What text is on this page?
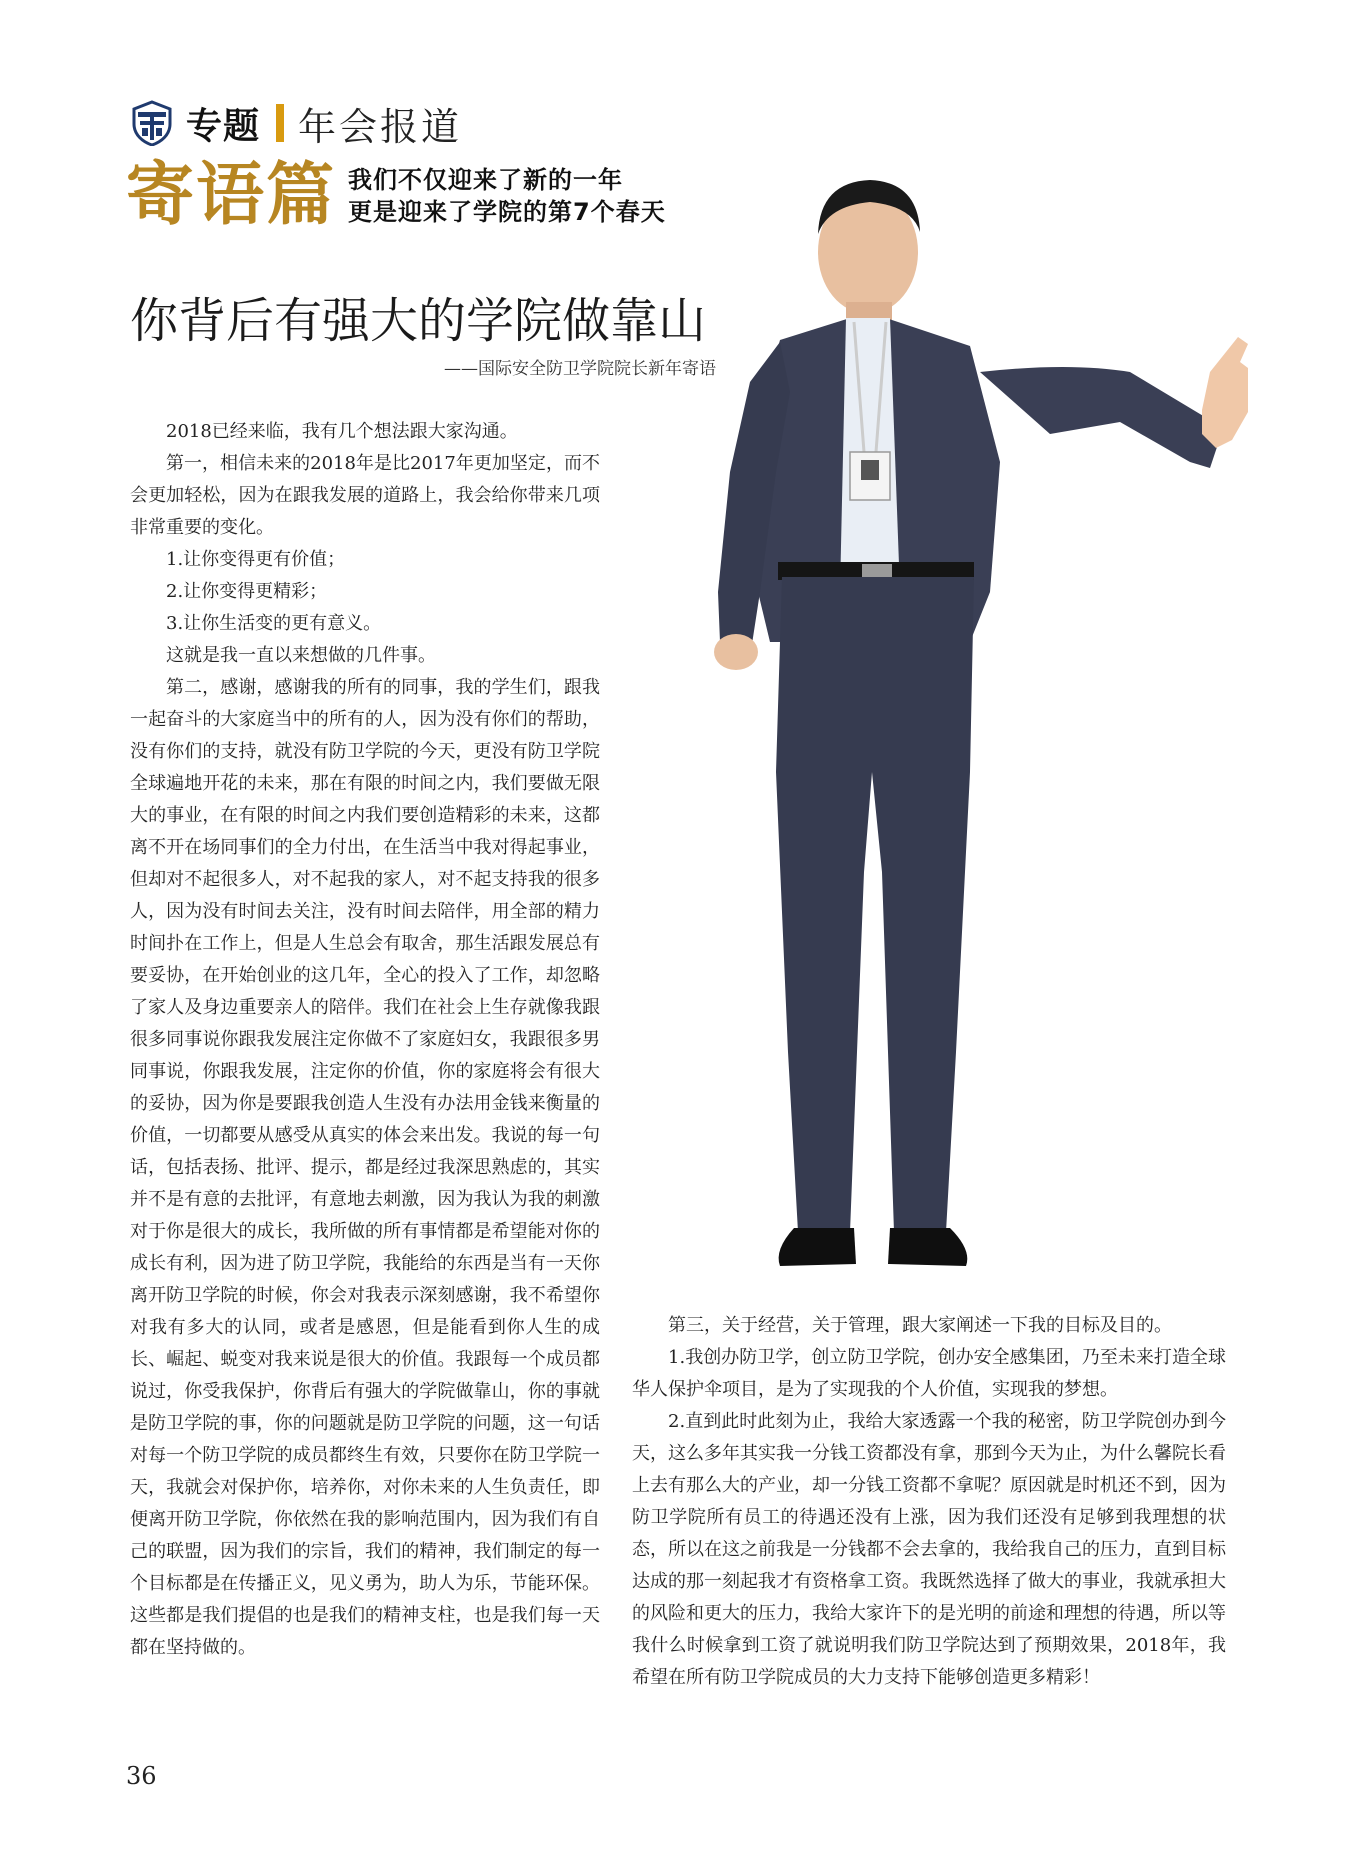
专题 年会报道
寄语篇 我们不仅迎来了新的一年
更是迎来了学院的第7个春天
你背后有强大的学院做靠山
——国际安全防卫学院院长新年寄语

2018已经来临，我有几个想法跟大家沟通。

第一，相信未来的2018年是比2017年更加坚定，而不会更加轻松，因为在跟我发展的道路上，我会给你带来几项非常重要的变化。

1.让你变得更有价值；

2.让你变得更精彩；

3.让你生活变的更有意义。

这就是我一直以来想做的几件事。

第二，感谢，感谢我的所有的同事，我的学生们，跟我一起奋斗的大家庭当中的所有的人，因为没有你们的帮助，没有你们的支持，就没有防卫学院的今天，更没有防卫学院全球遍地开花的未来，那在有限的时间之内，我们要做无限大的事业，在有限的时间之内我们要创造精彩的未来，这都离不开在场同事们的全力付出，在生活当中我对得起事业，但却对不起很多人，对不起我的家人，对不起支持我的很多人，因为没有时间去关注，没有时间去陪伴，用全部的精力时间扑在工作上，但是人生总会有取舍，那生活跟发展总有要妥协，在开始创业的这几年，全心的投入了工作，却忽略了家人及身边重要亲人的陪伴。我们在社会上生存就像我跟很多同事说你跟我发展注定你做不了家庭妇女，我跟很多男同事说，你跟我发展，注定你的价值，你的家庭将会有很大的妥协，因为你是要跟我创造人生没有办法用金钱来衡量的价值，一切都要从感受从真实的体会来出发。我说的每一句话，包括表扬、批评、提示，都是经过我深思熟虑的，其实并不是有意的去批评，有意地去刺激，因为我认为我的刺激对于你是很大的成长，我所做的所有事情都是希望能对你的成长有利，因为进了防卫学院，我能给的东西是当有一天你离开防卫学院的时候，你会对我表示深刻感谢，我不希望你对我有多大的认同，或者是感恩，但是能看到你人生的成长、崛起、蜕变对我来说是很大的价值。我跟每一个成员都说过，你受我保护，你背后有强大的学院做靠山，你的事就是防卫学院的事，你的问题就是防卫学院的问题，这一句话对每一个防卫学院的成员都终生有效，只要你在防卫学院一天，我就会对保护你，培养你，对你未来的人生负责任，即便离开防卫学院，你依然在我的影响范围内，因为我们有自己的联盟，因为我们的宗旨，我们的精神，我们制定的每一个目标都是在传播正义，见义勇为，助人为乐，节能环保。这些都是我们提倡的也是我们的精神支柱，也是我们每一天都在坚持做的。

第三，关于经营，关于管理，跟大家阐述一下我的目标及目的。

1.我创办防卫学，创立防卫学院，创办安全感集团，乃至未来打造全球华人保护伞项目，是为了实现我的个人价值，实现我的梦想。

2.直到此时此刻为止，我给大家透露一个我的秘密，防卫学院创办到今天，这么多年其实我一分钱工资都没有拿，那到今天为止，为什么馨院长看上去有那么大的产业，却一分钱工资都不拿呢？原因就是时机还不到，因为防卫学院所有员工的待遇还没有上涨，因为我们还没有足够到我理想的状态，所以在这之前我是一分钱都不会去拿的，我给我自己的压力，直到目标达成的那一刻起我才有资格拿工资。我既然选择了做大的事业，我就承担大的风险和更大的压力，我给大家许下的是光明的前途和理想的待遇，所以等我什么时候拿到工资了就说明我们防卫学院达到了预期效果，2018年，我希望在所有防卫学院成员的大力支持下能够创造更多精彩！

36
